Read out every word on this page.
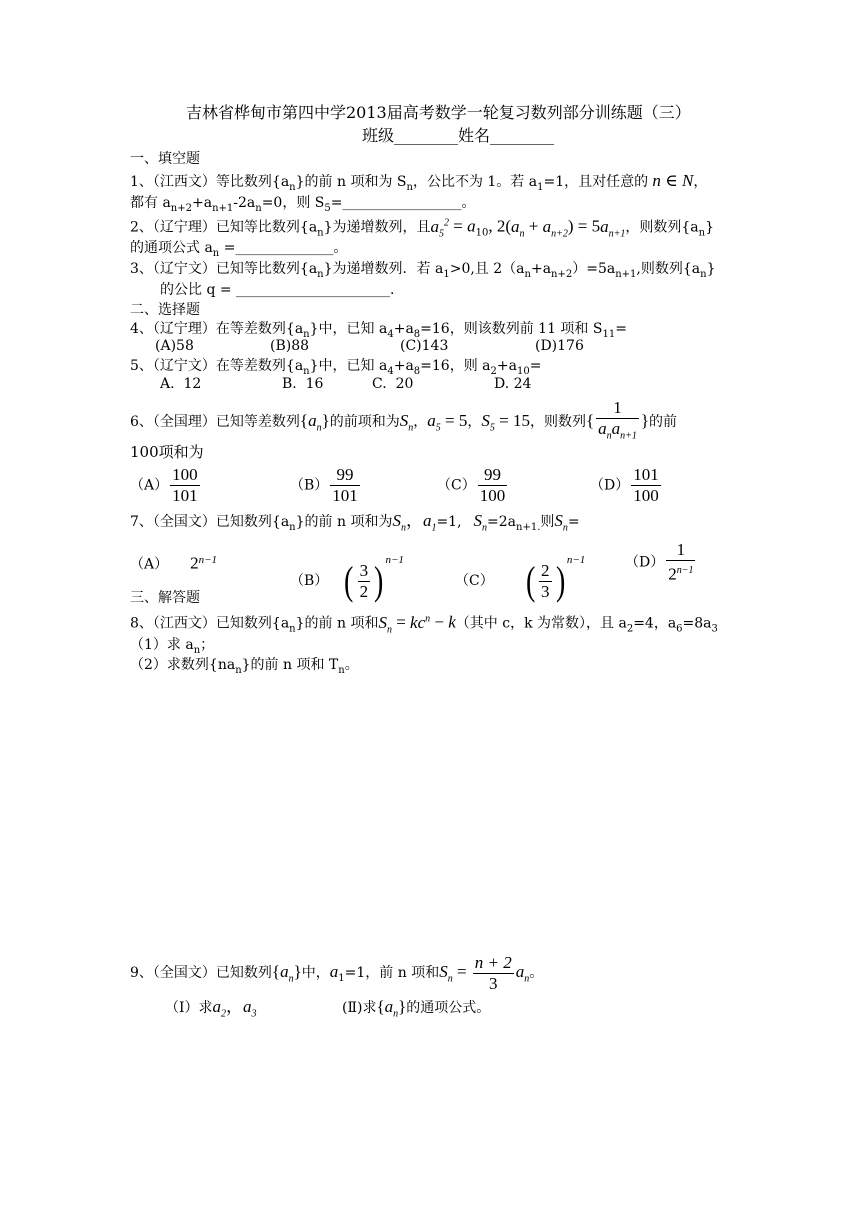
吉林省桦甸市第四中学2013届高考数学一轮复习数列部分训练题（三）
班级________姓名________
一、填空题
1、（江西文）等比数列$\{a_n\}$的前 n 项和为 $S_n$，公比不为 1。若 $a_1=1$，且对任意的 n ∈ N，
都有 $a_{n+2}+a_{n+1}-2a_n=0$，则 $S_5=\_\_\_\_\_\_\_\_\_\_\_\_\_\_\_\_\_$。
2、（辽宁理）已知等比数列$\{a_n\}$为递增数列，且$a_5^2 = a_{10}$, $2(a_n + a_{n+2}) = 5a_{n+1}$，则数列$\{a_n\}$
的通项公式 $a_n$ =______________。
3、（辽宁文）已知等比数列$\{a_n\}$为递增数列．若 $a_1>0$,且 $2(a_n+a_{n+2})=5a_{n+1}$,则数列$\{a_n\}$
的公比 q = ______________________.
二、选择题
4、（辽宁理）在等差数列$\{a_n\}$中，已知 $a_4+a_8=16$，则该数列前 11 项和 $S_{11}=$
(A)58	(B)88	(C)143	(D)176
5、（辽宁文）在等差数列$\{a_n\}$中，已知 $a_4+a_8=16$，则 $a_2+a_{10}=$
A.  12	B.  16	C.  20	D. 24
6、（全国理）已知等差数列$\{a_n\}$的前项和为$S_n$，$a_5 = 5$，$S_5 = 15$，则数列{ $\frac{1}{a_na_{n+1}}$ }的前
100项和为
$(A) \frac{100}{101}$	$(B) \frac{99}{101}$	$(C) \frac{99}{100}$	$(D) \frac{101}{100}$
7、（全国文）已知数列$\{a_n\}$的前 n 项和为$S_n$，$a_1=1$, $S_n=2a_{n+1.}$则$S_n=$
（A） $2^{n-1}$
（B） ( $\frac{3}{2}$ ) $^{n-1}$
（C） ( $\frac{2}{3}$ ) $^{n-1}$	$(D) \frac{1}{2^{n-1}}$
三、解答题
8、（江西文）已知数列$\{a_n\}$的前 n 项和$S_n = kc^n - k$（其中 c，k 为常数），且 $a_2=4$，$a_6=8a_3$
（1）求 $a_n$；
（2）求数列$\{na_n\}$的前 n 项和 $T_n$。
9、（全国文）已知数列$\{a_n\}$中，$a_1=1$，前 n 项和$S_n = \frac{n + 2}{3} a_n$。
（Ⅰ）求$a_2$，$a_3$	(Ⅱ)求$\{a_n\}$的通项公式。
